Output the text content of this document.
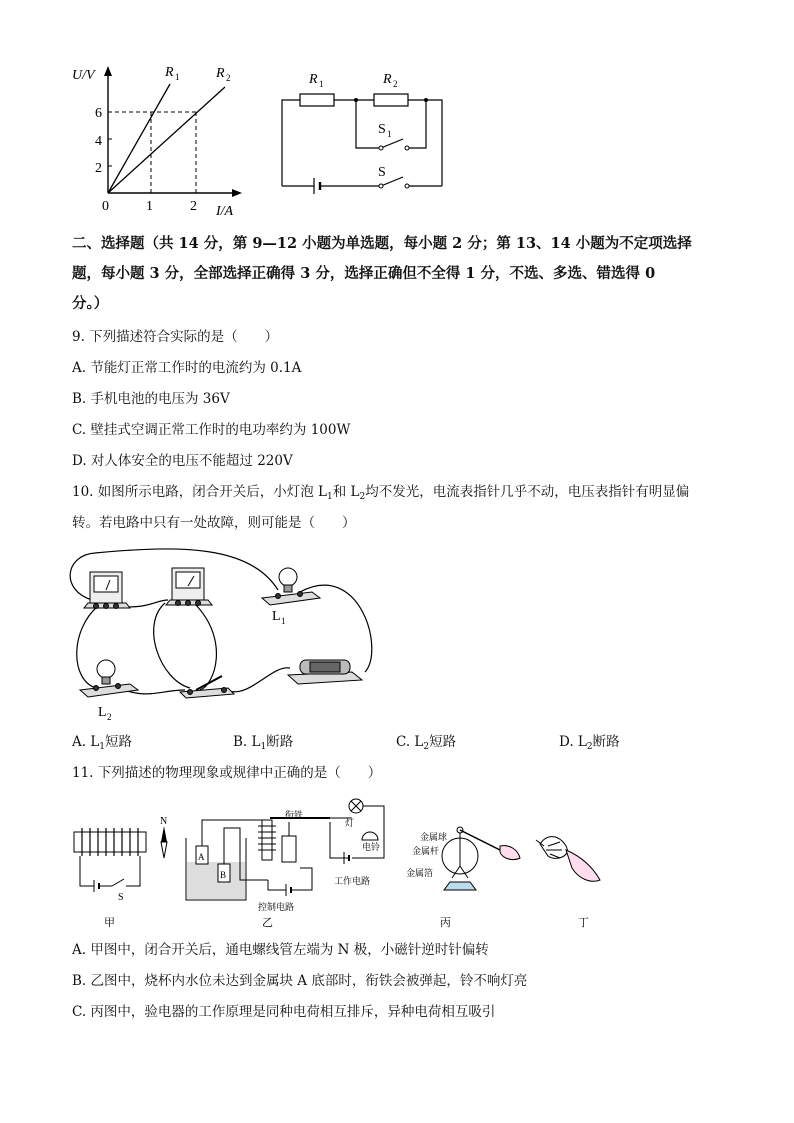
U/V
I/A
0
2
4
6
1	2
R 1	R 2	R 1	R 2
S 1
S
二、选择题（共 14 分，第 9—12 小题为单选题，每小题 2 分；第 13、14 小题为不定项选择
题，每小题 3 分，全部选择正确得 3 分，选择正确但不全得 1 分，不选、多选、错选得 0
分。）
9. 下列描述符合实际的是（　　）
A. 节能灯正常工作时的电流约为 0.1A
B. 手机电池的电压为 36V
C. 壁挂式空调正常工作时的电功率约为 100W
D. 对人体安全的电压不能超过 220V
10. 如图所示电路，闭合开关后，小灯泡 $L_1$和 $L_2$均不发光，电流表指针几乎不动，电压表指针有明显偏
转。若电路中只有一处故障，则可能是（　　）
L 1
L 2
A. $L_1$短路	B. $L_1$断路	C. $L_2$短路	D. $L_2$断路
11. 下列描述的物理现象或规律中正确的是（　　）
N
S
甲
A
B
衔铁
灯
电铃
工作电路
控制电路
乙
金属球
金属杆
金属箔
丙	丁
A. 甲图中，闭合开关后，通电螺线管左端为 N 极，小磁针逆时针偏转
B. 乙图中，烧杯内水位未达到金属块 A 底部时，衔铁会被弹起，铃不响灯亮
C. 丙图中，验电器的工作原理是同种电荷相互排斥，异种电荷相互吸引
